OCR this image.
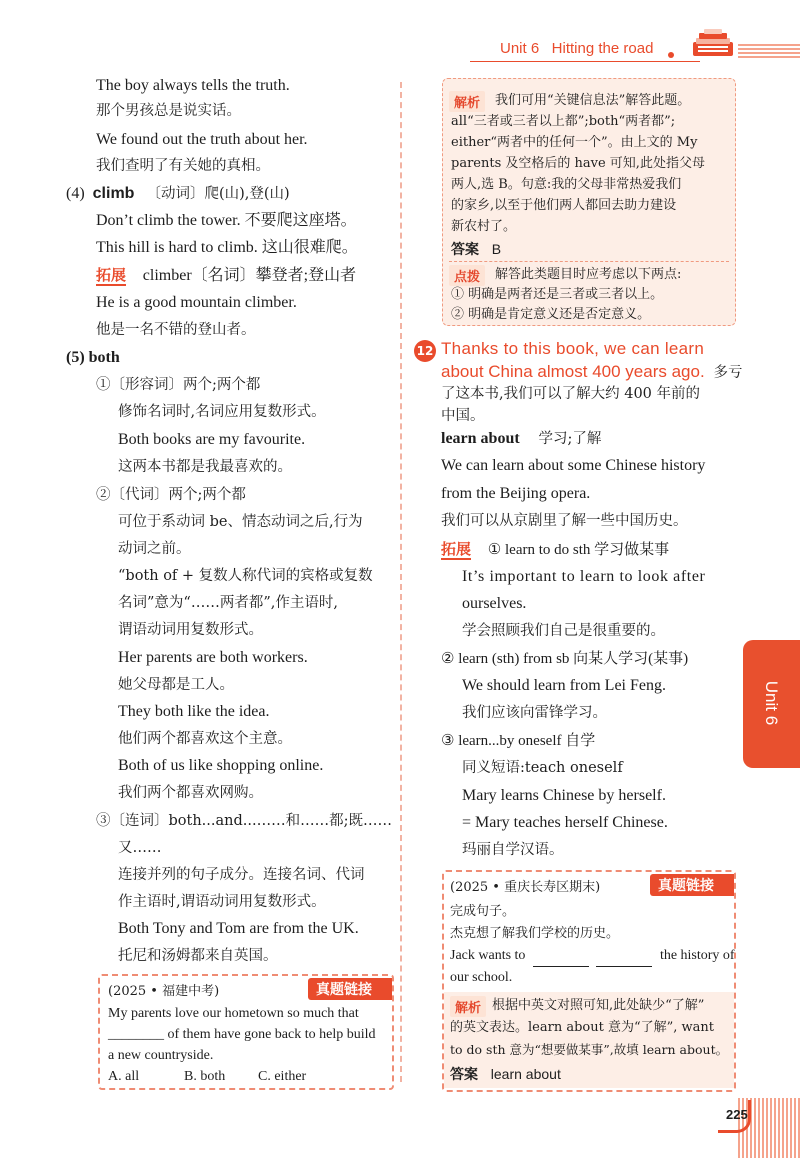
Unit 6   Hitting the road
The boy always tells the truth.
那个男孩总是说实话。
We found out the truth about her.
我们查明了有关她的真相。
(4) climb 〔动词〕爬(山),登(山)
Don’t climb the tower. 不要爬这座塔。
This hill is hard to climb. 这山很难爬。
拓展 climber〔名词〕攀登者;登山者
He is a good mountain climber.
他是一名不错的登山者。
(5) both
①〔形容词〕两个;两个都
修饰名词时,名词应用复数形式。
Both books are my favourite.
这两本书都是我最喜欢的。
②〔代词〕两个;两个都
可位于系动词 be、情态动词之后,行为
动词之前。
“both of + 复数人称代词的宾格或复数
名词”意为“……两者都”,作主语时,
谓语动词用复数形式。
Her parents are both workers.
她父母都是工人。
They both like the idea.
他们两个都喜欢这个主意。
Both of us like shopping online.
我们两个都喜欢网购。
③〔连词〕both...and...……和……都;既……
又……
连接并列的句子成分。连接名词、代词
作主语时,谓语动词用复数形式。
Both Tony and Tom are from the UK.
托尼和汤姆都来自英国。
(2025 • 福建中考)	真题链接
My parents love our hometown so much that
________ of them have gone back to help build
a new countryside.
A. all	B. both C. either
解析	我们可用“关键信息法”解答此题。
all“三者或三者以上都”;both“两者都”;
either“两者中的任何一个”。由上文的 My
parents 及空格后的 have 可知,此处指父母
两人,选 B。句意:我的父母非常热爱我们
的家乡,以至于他们两人都回去助力建设
新农村了。
答案 B
点拨	解答此类题目时应考虑以下两点:
① 明确是两者还是三者或三者以上。
② 明确是肯定意义还是否定意义。
12 Thanks to this book, we can learn
about China almost 400 years ago. 多亏
了这本书,我们可以了解大约 400 年前的
中国。
learn about 学习;了解
We can learn about some Chinese history
from the Beijing opera.
我们可以从京剧里了解一些中国历史。
拓展 ① learn to do sth 学习做某事
It’s important to learn to look after
ourselves.
学会照顾我们自己是很重要的。
② learn (sth) from sb 向某人学习(某事)
We should learn from Lei Feng.
我们应该向雷锋学习。
③ learn...by oneself 自学
同义短语:teach oneself
Mary learns Chinese by herself.
= Mary teaches herself Chinese.
玛丽自学汉语。
(2025 • 重庆长寿区期末)	真题链接
完成句子。
杰克想了解我们学校的历史。
Jack wants to	the history of
our school.
解析 根据中英文对照可知,此处缺少“了解”
的英文表达。learn about 意为“了解”, want
to do sth 意为“想要做某事”,故填 learn about。
答案 learn about
Unit 6
225
